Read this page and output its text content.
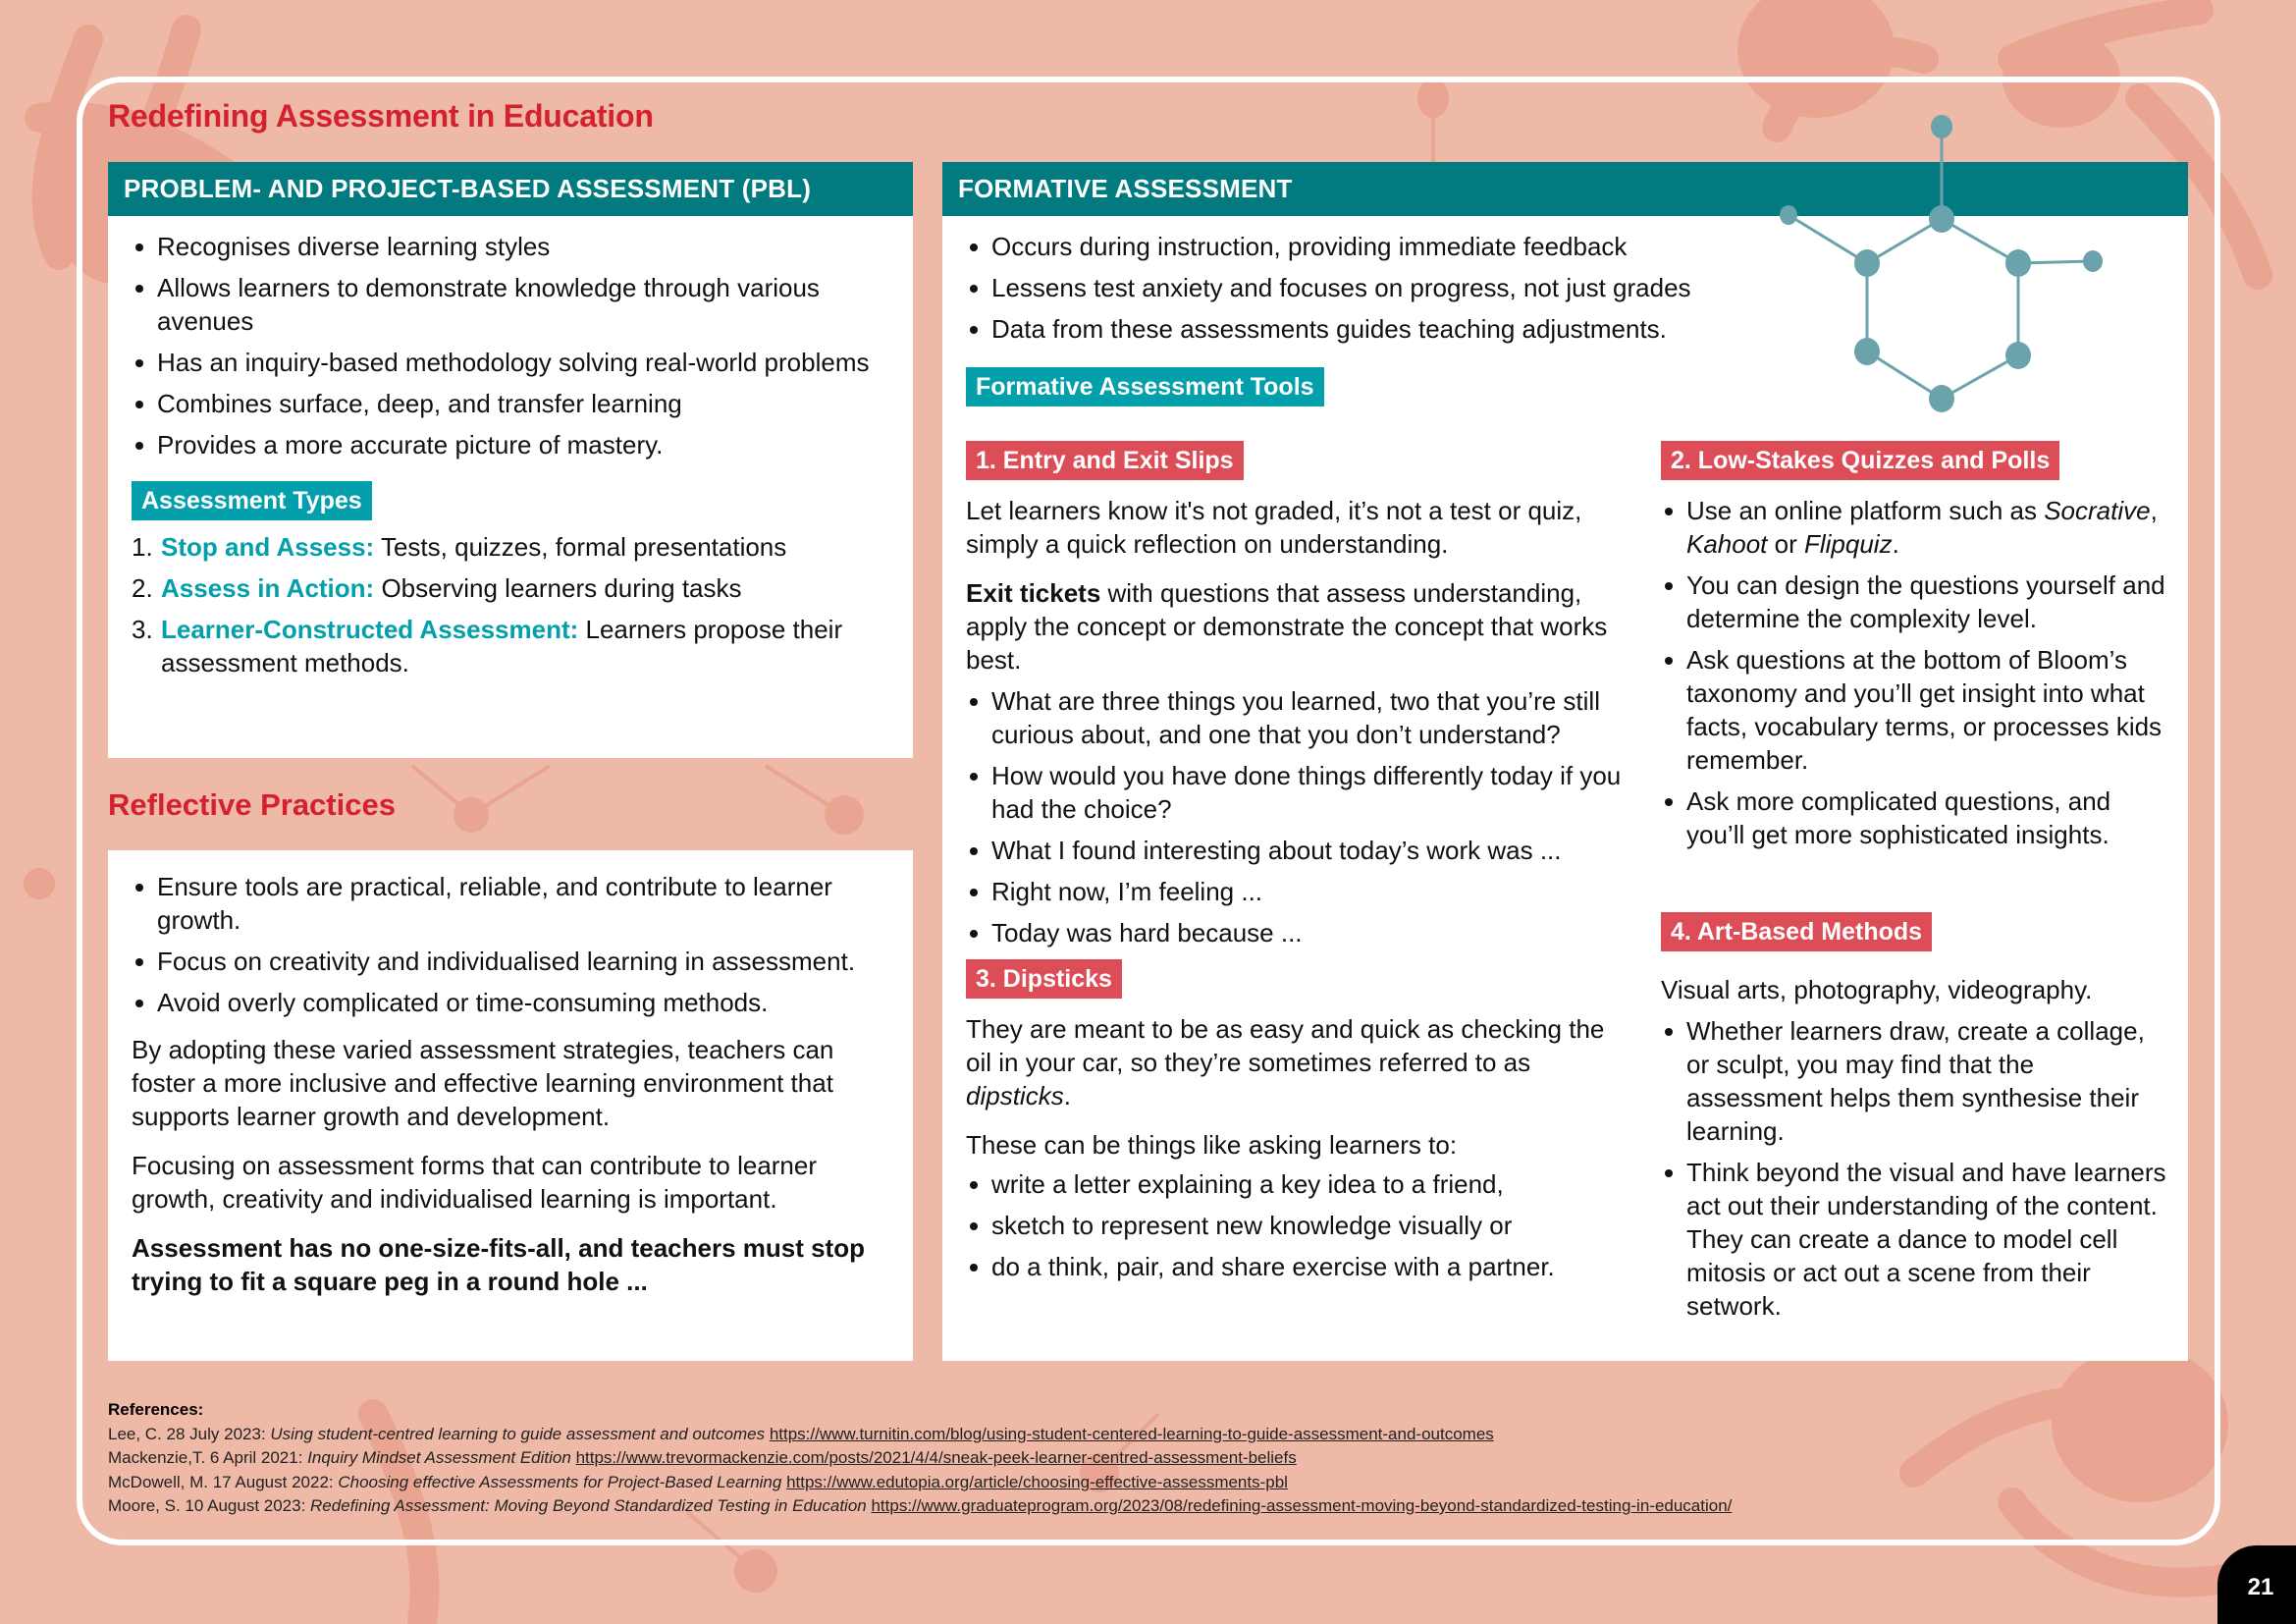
Redefining Assessment in Education
PROBLEM- AND PROJECT-BASED ASSESSMENT (PBL)
Recognises diverse learning styles
Allows learners to demonstrate knowledge through various avenues
Has an inquiry-based methodology solving real-world problems
Combines surface, deep, and transfer learning
Provides a more accurate picture of mastery.
Assessment Types
1. Stop and Assess: Tests, quizzes, formal presentations
2. Assess in Action: Observing learners during tasks
3. Learner-Constructed Assessment: Learners propose their assessment methods.
Reflective Practices
Ensure tools are practical, reliable, and contribute to learner growth.
Focus on creativity and individualised learning in assessment.
Avoid overly complicated or time-consuming methods.

By adopting these varied assessment strategies, teachers can foster a more inclusive and effective learning environment that supports learner growth and development.

Focusing on assessment forms that can contribute to learner growth, creativity and individualised learning is important.

Assessment has no one-size-fits-all, and teachers must stop trying to fit a square peg in a round hole ...

FORMATIVE ASSESSMENT
Occurs during instruction, providing immediate feedback
Lessens test anxiety and focuses on progress, not just grades
Data from these assessments guides teaching adjustments.
Formative Assessment Tools
1. Entry and Exit Slips

Let learners know it's not graded, it’s not a test or quiz, simply a quick reflection on understanding.

Exit tickets with questions that assess understanding, apply the concept or demonstrate the concept that works best.

What are three things you learned, two that you’re still curious about, and one that you don’t understand?
How would you have done things differently today if you had the choice?
What I found interesting about today’s work was ...
Right now, I’m feeling ...
Today was hard because ...
3. Dipsticks

They are meant to be as easy and quick as checking the oil in your car, so they’re sometimes referred to as dipsticks.

These can be things like asking learners to:

write a letter explaining a key idea to a friend,
sketch to represent new knowledge visually or
do a think, pair, and share exercise with a partner.
2. Low-Stakes Quizzes and Polls
Use an online platform such as Socrative, Kahoot or Flipquiz.
You can design the questions yourself and determine the complexity level.
Ask questions at the bottom of Bloom’s taxonomy and you’ll get insight into what facts, vocabulary terms, or processes kids remember.
Ask more complicated questions, and you’ll get more sophisticated insights.
4. Art-Based Methods

Visual arts, photography, videography.

Whether learners draw, create a collage, or sculpt, you may find that the assessment helps them synthesise their learning.
Think beyond the visual and have learners act out their understanding of the content. They can create a dance to model cell mitosis or act out a scene from their setwork.
References:
Lee, C. 28 July 2023: Using student-centred learning to guide assessment and outcomes https://www.turnitin.com/blog/using-student-centered-learning-to-guide-assessment-and-outcomes
Mackenzie,T. 6 April 2021: Inquiry Mindset Assessment Edition https://www.trevormackenzie.com/posts/2021/4/4/sneak-peek-learner-centred-assessment-beliefs
McDowell, M. 17 August 2022: Choosing effective Assessments for Project-Based Learning https://www.edutopia.org/article/choosing-effective-assessments-pbl
Moore, S. 10 August 2023: Redefining Assessment: Moving Beyond Standardized Testing in Education https://www.graduateprogram.org/2023/08/redefining-assessment-moving-beyond-standardized-testing-in-education/
21
